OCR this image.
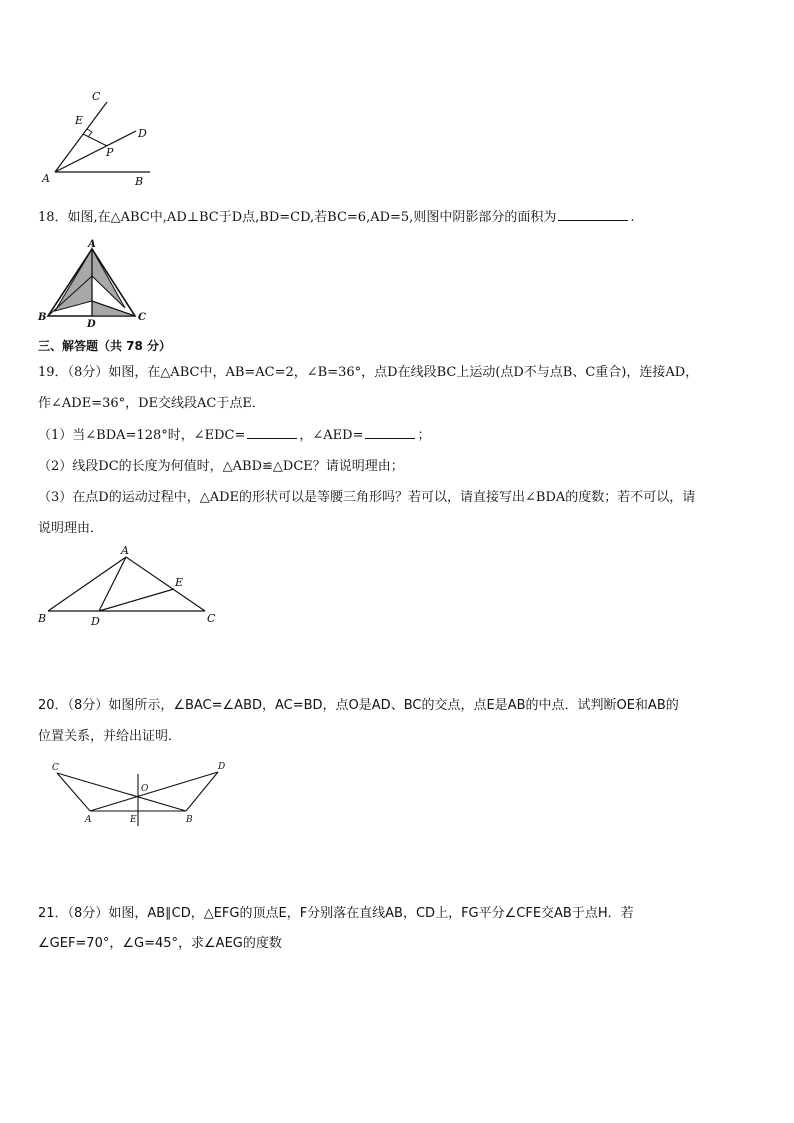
C
E
D
P
A	B
18．如图,在△ABC中,AD⊥BC于D点,BD=CD,若BC=6,AD=5,则图中阴影部分的面积为	.
A
B	C
D
三、解答题（共 78 分）
19．（8分）如图，在△ABC中，AB=AC=2，∠B=36°，点D在线段BC上运动(点D不与点B、C重合)，连接AD，
作∠ADE=36°，DE交线段AC于点E．
（1）当∠BDA=128°时，∠EDC=	，∠AED=	；
（2）线段DC的长度为何值时，△ABD≌△DCE？请说明理由；
（3）在点D的运动过程中，△ADE的形状可以是等腰三角形吗？若可以，请直接写出∠BDA的度数；若不可以，请
说明理由．
A
E
B	D	C
20．（8分）如图所示，∠BAC=∠ABD，AC=BD，点O是AD、BC的交点，点E是AB的中点．试判断OE和AB的
位置关系，并给出证明．
C	D
O
A	E	B
21．（8分）如图，AB∥CD，△EFG的顶点E，F分别落在直线AB，CD上，FG平分∠CFE交AB于点H．若
∠GEF=70°，∠G=45°，求∠AEG的度数
